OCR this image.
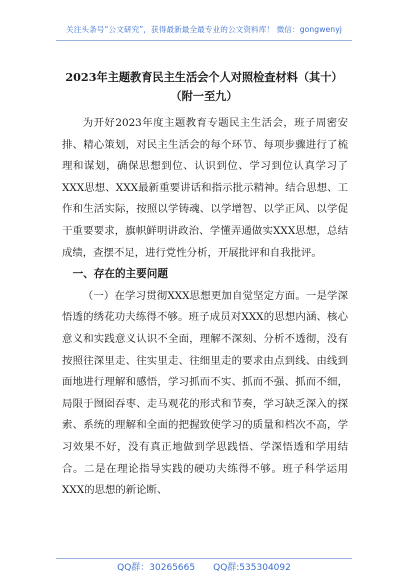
关注头条号“公文研究”，获得最新最全最专业的公文资料库！ 微信：gongwenyj
2023年主题教育民主生活会个人对照检查材料（其十）
（附一至九）

为开好2023年度主题教育专题民主生活会，班子周密安排、精心策划，对民主生活会的每个环节、每项步骤进行了梳理和谋划，确保思想到位、认识到位、学习到位认真学习了XXX思想、XXX最新重要讲话和指示批示精神。结合思想、工作和生活实际，按照以学铸魂、以学增智、以学正风、以学促干重要要求，旗帜鲜明讲政治、学懂弄通做实XXX思想，总结成绩，查摆不足，进行党性分析，开展批评和自我批评。

一、存在的主要问题

（一）在学习贯彻XXX思想更加自觉坚定方面。一是学深悟透的绣花功夫练得不够。班子成员对XXX的思想内涵、核心意义和实践意义认识不全面，理解不深刻、分析不透彻，没有按照往深里走、往实里走、往细里走的要求由点到线、由线到面地进行理解和感悟，学习抓而不实、抓而不强、抓而不细，局限于囫囵吞枣、走马观花的形式和节奏，学习缺乏深入的探索、系统的理解和全面的把握致使学习的质量和档次不高，学习效果不好，没有真正地做到学思践悟、学深悟透和学用结合。二是在理论指导实践的硬功夫练得不够。班子科学运用XXX的思想的新论断、

QQ群：30265665 QQ群:535304092
